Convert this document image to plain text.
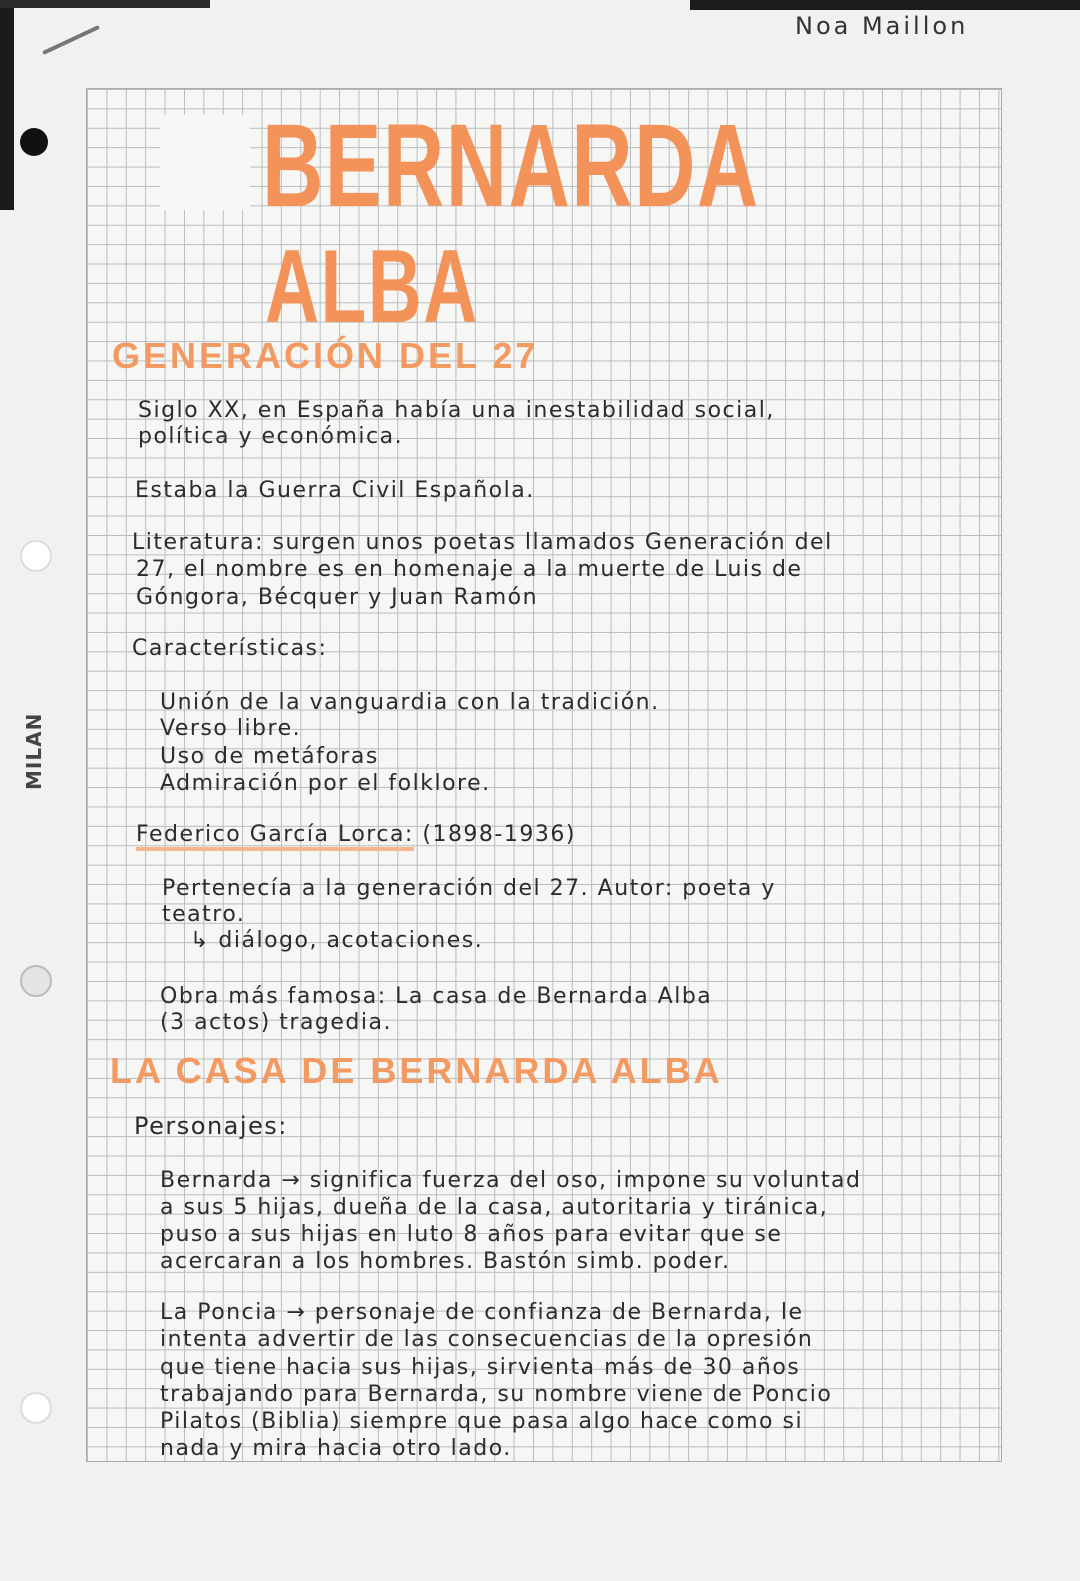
MILAN
Noa Maillon
BERNARDA
ALBA
GENERACIÓN DEL 27
Siglo XX, en España había una inestabilidad social,
política y económica.
Estaba la Guerra Civil Española.
Literatura: surgen unos poetas llamados Generación del
27, el nombre es en homenaje a la muerte de Luis de
Góngora, Bécquer y Juan Ramón
Características:
Unión de la vanguardia con la tradición.
Verso libre.
Uso de metáforas
Admiración por el folklore.
Federico García Lorca: (1898-1936)
Pertenecía a la generación del 27. Autor: poeta y
teatro.
↳ diálogo, acotaciones.
Obra más famosa: La casa de Bernarda Alba
(3 actos) tragedia.
LA CASA DE BERNARDA ALBA
Personajes:
Bernarda → significa fuerza del oso, impone su voluntad
a sus 5 hijas, dueña de la casa, autoritaria y tiránica,
puso a sus hijas en luto 8 años para evitar que se
acercaran a los hombres. Bastón simb. poder.
La Poncia → personaje de confianza de Bernarda, le
intenta advertir de las consecuencias de la opresión
que tiene hacia sus hijas, sirvienta más de 30 años
trabajando para Bernarda, su nombre viene de Poncio
Pilatos (Biblia) siempre que pasa algo hace como si
nada y mira hacia otro lado.
